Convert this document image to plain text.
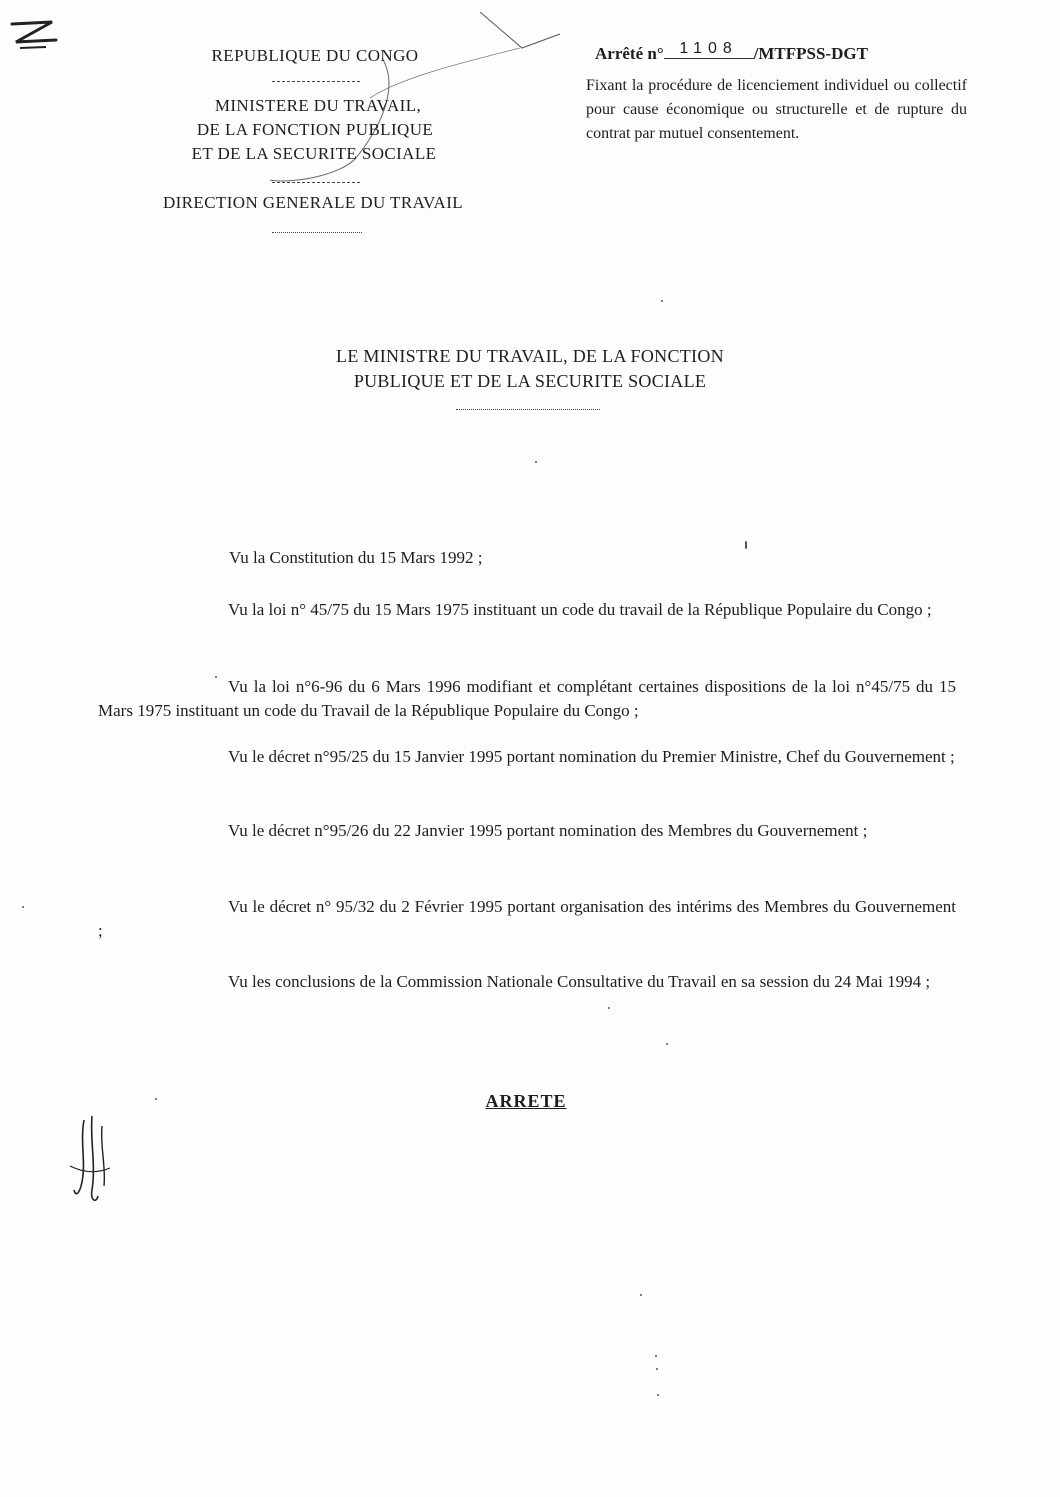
REPUBLIQUE DU CONGO
MINISTERE DU TRAVAIL,
DE LA FONCTION PUBLIQUE
ET DE LA SECURITE SOCIALE
DIRECTION GENERALE DU TRAVAIL
Arrêté n° 1108 /MTFPSS-DGT
Fixant la procédure de licenciement individuel ou collectif pour cause économique ou structurelle et de rupture du contrat par mutuel consentement.
LE MINISTRE DU TRAVAIL, DE LA FONCTION
PUBLIQUE ET DE LA SECURITE SOCIALE
Vu la Constitution du 15 Mars 1992 ;
Vu la loi n° 45/75 du 15 Mars 1975 instituant un code du travail de la République Populaire du Congo ;
Vu la loi n°6-96 du 6 Mars 1996 modifiant et complétant certaines dispositions de la loi n°45/75 du 15 Mars 1975 instituant un code du Travail de la République Populaire du Congo ;
Vu le décret n°95/25 du 15 Janvier 1995 portant nomination du Premier Ministre, Chef du Gouvernement ;
Vu le décret n°95/26 du 22 Janvier 1995 portant nomination des Membres du Gouvernement ;
Vu le décret n° 95/32 du 2 Février 1995 portant organisation des intérims des Membres du Gouvernement ;
Vu les conclusions de la Commission Nationale Consultative du Travail en sa session du 24 Mai 1994 ;
ARRETE
